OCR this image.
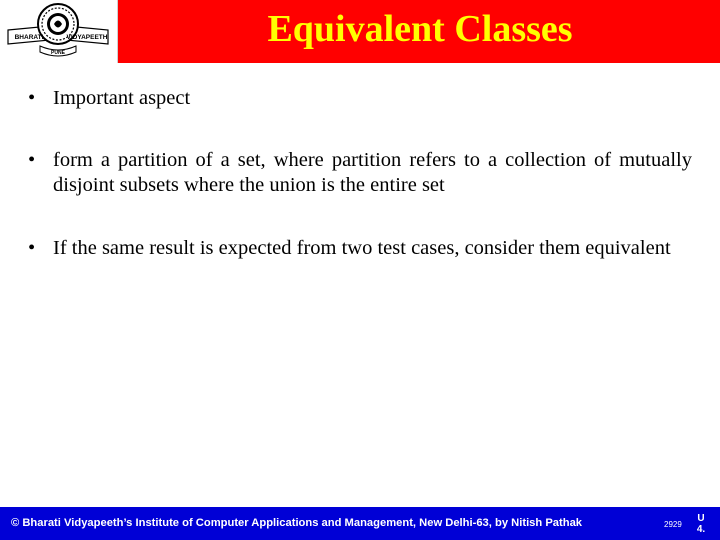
BHARATI	VIDYAPEETH
PUNE
Equivalent Classes
• Important aspect
• form a partition of a set, where partition refers to a collection of mutually disjoint subsets where the union is the entire set
• If the same result is expected from two test cases, consider them equivalent
© Bharati Vidyapeeth’s Institute of Computer Applications and Management, New Delhi-63, by Nitish Pathak	2929
U 4.
